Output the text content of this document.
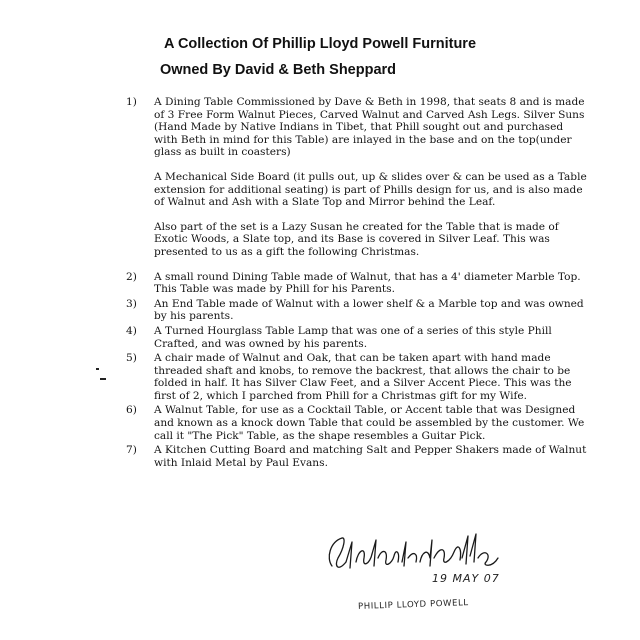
A Collection Of Phillip Lloyd Powell Furniture
Owned By David & Beth Sheppard
1) A Dining Table Commissioned by Dave & Beth in 1998, that seats 8 and is made of 3 Free Form Walnut Pieces, Carved Walnut and Carved Ash Legs. Silver Suns (Hand Made by Native Indians in Tibet, that Phill sought out and purchased with Beth in mind for this Table) are inlayed in the base and on the top(under glass as built in coasters)

A Mechanical Side Board (it pulls out, up & slides over & can be used as a Table extension for additional seating) is part of Phills design for us, and is also made of Walnut and Ash with a Slate Top and Mirror behind the Leaf.

Also part of the set is a Lazy Susan he created for the Table that is made of Exotic Woods, a Slate top, and its Base is covered in Silver Leaf. This was presented to us as a gift the following Christmas.

2) A small round Dining Table made of Walnut, that has a 4' diameter Marble Top. This Table was made by Phill for his Parents.

3) An End Table made of Walnut with a lower shelf & a Marble top and was owned by his parents.

4) A Turned Hourglass Table Lamp that was one of a series of this style Phill Crafted, and was owned by his parents.

5) A chair made of Walnut and Oak, that can be taken apart with hand made threaded shaft and knobs, to remove the backrest, that allows the chair to be folded in half. It has Silver Claw Feet, and a Silver Accent Piece. This was the first of 2, which I parched from Phill for a Christmas gift for my Wife.

6) A Walnut Table, for use as a Cocktail Table, or Accent table that was Designed and known as a knock down Table that could be assembled by the customer. We call it "The Pick" Table, as the shape resembles a Guitar Pick.

7) A Kitchen Cutting Board and matching Salt and Pepper Shakers made of Walnut with Inlaid Metal by Paul Evans.

19 MAY 07
PHILLIP LLOYD POWELL
